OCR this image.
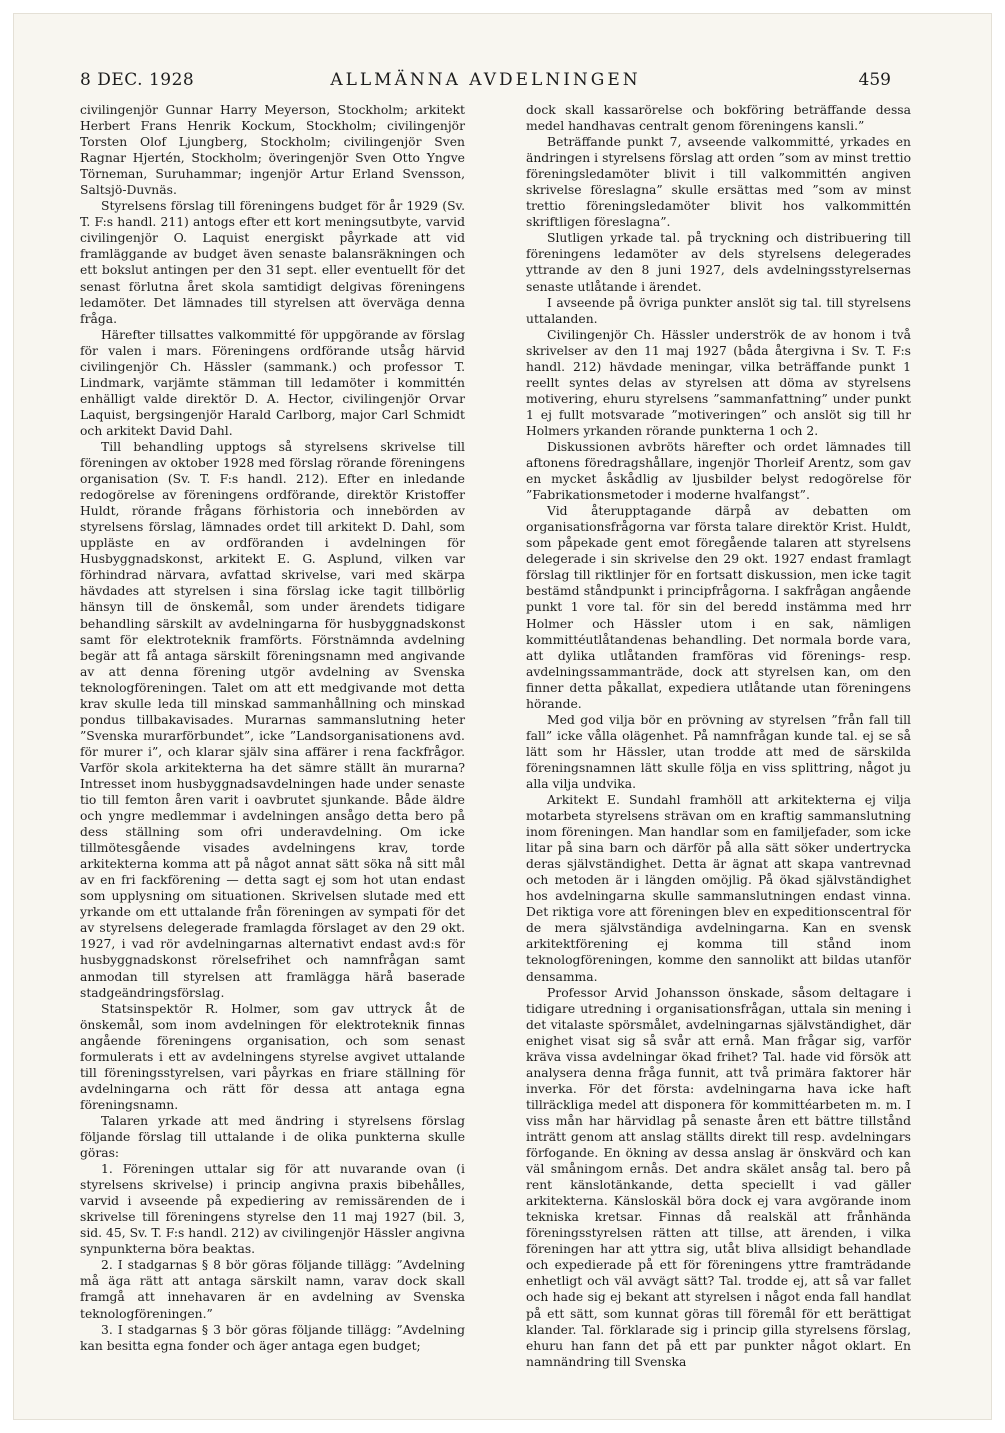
8 DEC. 1928	ALLMÄNNA AVDELNINGEN	459

civilingenjör Gunnar Harry Meyerson, Stockholm; arkitekt Herbert Frans Henrik Kockum, Stockholm; civilingenjör Torsten Olof Ljungberg, Stockholm; civilingenjör Sven Ragnar Hjertén, Stockholm; överingenjör Sven Otto Yngve Törneman, Suruhammar; ingenjör Artur Erland Svensson, Saltsjö-Duvnäs.

Styrelsens förslag till föreningens budget för år 1929 (Sv. T. F:s handl. 211) antogs efter ett kort meningsutbyte, varvid civilingenjör O. Laquist energiskt påyrkade att vid framläggande av budget även senaste balansräkningen och ett bokslut antingen per den 31 sept. eller eventuellt för det senast förlutna året skola samtidigt delgivas föreningens ledamöter. Det lämnades till styrelsen att överväga denna fråga.

Härefter tillsattes valkommitté för uppgörande av förslag för valen i mars. Föreningens ordförande utsåg härvid civilingenjör Ch. Hässler (sammank.) och professor T. Lindmark, varjämte stämman till ledamöter i kommittén enhälligt valde direktör D. A. Hector, civilingenjör Orvar Laquist, bergsingenjör Harald Carlborg, major Carl Schmidt och arkitekt David Dahl.

Till behandling upptogs så styrelsens skrivelse till föreningen av oktober 1928 med förslag rörande föreningens organisation (Sv. T. F:s handl. 212). Efter en inledande redogörelse av föreningens ordförande, direktör Kristoffer Huldt, rörande frågans förhistoria och innebörden av styrelsens förslag, lämnades ordet till arkitekt D. Dahl, som uppläste en av ordföranden i avdelningen för Husbyggnadskonst, arkitekt E. G. Asplund, vilken var förhindrad närvara, avfattad skrivelse, vari med skärpa hävdades att styrelsen i sina förslag icke tagit tillbörlig hänsyn till de önskemål, som under ärendets tidigare behandling särskilt av avdelningarna för husbyggnadskonst samt för elektroteknik framförts. Förstnämnda avdelning begär att få antaga särskilt föreningsnamn med angivande av att denna förening utgör avdelning av Svenska teknologföreningen. Talet om att ett medgivande mot detta krav skulle leda till minskad sammanhållning och minskad pondus tillbakavisades. Murarnas sammanslutning heter ”Svenska murarförbundet”, icke ”Landsorganisationens avd. för murer i”, och klarar själv sina affärer i rena fackfrågor. Varför skola arkitekterna ha det sämre ställt än murarna? Intresset inom husbyggnadsavdelningen hade under senaste tio till femton åren varit i oavbrutet sjunkande. Både äldre och yngre medlemmar i avdelningen ansågo detta bero på dess ställning som ofri underavdelning. Om icke tillmötesgående visades avdelningens krav, torde arkitekterna komma att på något annat sätt söka nå sitt mål av en fri fackförening — detta sagt ej som hot utan endast som upplysning om situationen. Skrivelsen slutade med ett yrkande om ett uttalande från föreningen av sympati för det av styrelsens delegerade framlagda förslaget av den 29 okt. 1927, i vad rör avdelningarnas alternativt endast avd:s för husbyggnadskonst rörelsefrihet och namnfrågan samt anmodan till styrelsen att framlägga härå baserade stadgeändringsförslag.

Statsinspektör R. Holmer, som gav uttryck åt de önskemål, som inom avdelningen för elektroteknik finnas angående föreningens organisation, och som senast formulerats i ett av avdelningens styrelse avgivet uttalande till föreningsstyrelsen, vari påyrkas en friare ställning för avdelningarna och rätt för dessa att antaga egna föreningsnamn.

Talaren yrkade att med ändring i styrelsens förslag följande förslag till uttalande i de olika punkterna skulle göras:

1. Föreningen uttalar sig för att nuvarande ovan (i styrelsens skrivelse) i princip angivna praxis bibehålles, varvid i avseende på expediering av remissärenden de i skrivelse till föreningens styrelse den 11 maj 1927 (bil. 3, sid. 45, Sv. T. F:s handl. 212) av civilingenjör Hässler angivna synpunkterna böra beaktas.

2. I stadgarnas § 8 bör göras följande tillägg: ”Avdelning må äga rätt att antaga särskilt namn, varav dock skall framgå att innehavaren är en avdelning av Svenska teknologföreningen.”

3. I stadgarnas § 3 bör göras följande tillägg: ”Avdelning kan besitta egna fonder och äger antaga egen budget;

dock skall kassarörelse och bokföring beträffande dessa medel handhavas centralt genom föreningens kansli.”

Beträffande punkt 7, avseende valkommitté, yrkades en ändringen i styrelsens förslag att orden ”som av minst trettio föreningsledamöter blivit i till valkommittén angiven skrivelse föreslagna” skulle ersättas med ”som av minst trettio föreningsledamöter blivit hos valkommittén skriftligen föreslagna”.

Slutligen yrkade tal. på tryckning och distribuering till föreningens ledamöter av dels styrelsens delegerades yttrande av den 8 juni 1927, dels avdelningsstyrelsernas senaste utlåtande i ärendet.

I avseende på övriga punkter anslöt sig tal. till styrelsens uttalanden.

Civilingenjör Ch. Hässler underströk de av honom i två skrivelser av den 11 maj 1927 (båda återgivna i Sv. T. F:s handl. 212) hävdade meningar, vilka beträffande punkt 1 reellt syntes delas av styrelsen att döma av styrelsens motivering, ehuru styrelsens ”sammanfattning” under punkt 1 ej fullt motsvarade ”motiveringen” och anslöt sig till hr Holmers yrkanden rörande punkterna 1 och 2.

Diskussionen avbröts härefter och ordet lämnades till aftonens föredragshållare, ingenjör Thorleif Arentz, som gav en mycket åskådlig av ljusbilder belyst redogörelse för ”Fabrikationsmetoder i moderne hvalfangst”.

Vid återupptagande därpå av debatten om organisationsfrågorna var första talare direktör Krist. Huldt, som påpekade gent emot föregående talaren att styrelsens delegerade i sin skrivelse den 29 okt. 1927 endast framlagt förslag till riktlinjer för en fortsatt diskussion, men icke tagit bestämd ståndpunkt i principfrågorna. I sakfrågan angående punkt 1 vore tal. för sin del beredd instämma med hrr Holmer och Hässler utom i en sak, nämligen kommittéutlåtandenas behandling. Det normala borde vara, att dylika utlåtanden framföras vid förenings- resp. avdelningssammanträde, dock att styrelsen kan, om den finner detta påkallat, expediera utlåtande utan föreningens hörande.

Med god vilja bör en prövning av styrelsen ”från fall till fall” icke vålla olägenhet. På namnfrågan kunde tal. ej se så lätt som hr Hässler, utan trodde att med de särskilda föreningsnamnen lätt skulle följa en viss splittring, något ju alla vilja undvika.

Arkitekt E. Sundahl framhöll att arkitekterna ej vilja motarbeta styrelsens strävan om en kraftig sammanslutning inom föreningen. Man handlar som en familjefader, som icke litar på sina barn och därför på alla sätt söker undertrycka deras självständighet. Detta är ägnat att skapa vantrevnad och metoden är i längden omöjlig. På ökad självständighet hos avdelningarna skulle sammanslutningen endast vinna. Det riktiga vore att föreningen blev en expeditionscentral för de mera självständiga avdelningarna. Kan en svensk arkitektförening ej komma till stånd inom teknologföreningen, komme den sannolikt att bildas utanför densamma.

Professor Arvid Johansson önskade, såsom deltagare i tidigare utredning i organisationsfrågan, uttala sin mening i det vitalaste spörsmålet, avdelningarnas självständighet, där enighet visat sig så svår att ernå. Man frågar sig, varför kräva vissa avdelningar ökad frihet? Tal. hade vid försök att analysera denna fråga funnit, att två primära faktorer här inverka. För det första: avdelningarna hava icke haft tillräckliga medel att disponera för kommittéarbeten m. m. I viss mån har härvidlag på senaste åren ett bättre tillstånd inträtt genom att anslag ställts direkt till resp. avdelningars förfogande. En ökning av dessa anslag är önskvärd och kan väl småningom ernås. Det andra skälet ansåg tal. bero på rent känslotänkande, detta speciellt i vad gäller arkitekterna. Känsloskäl böra dock ej vara avgörande inom tekniska kretsar. Finnas då realskäl att frånhända föreningsstyrelsen rätten att tillse, att ärenden, i vilka föreningen har att yttra sig, utåt bliva allsidigt behandlade och expedierade på ett för föreningens yttre framträdande enhetligt och väl avvägt sätt? Tal. trodde ej, att så var fallet och hade sig ej bekant att styrelsen i något enda fall handlat på ett sätt, som kunnat göras till föremål för ett berättigat klander. Tal. förklarade sig i princip gilla styrelsens förslag, ehuru han fann det på ett par punkter något oklart. En namnändring till Svenska
